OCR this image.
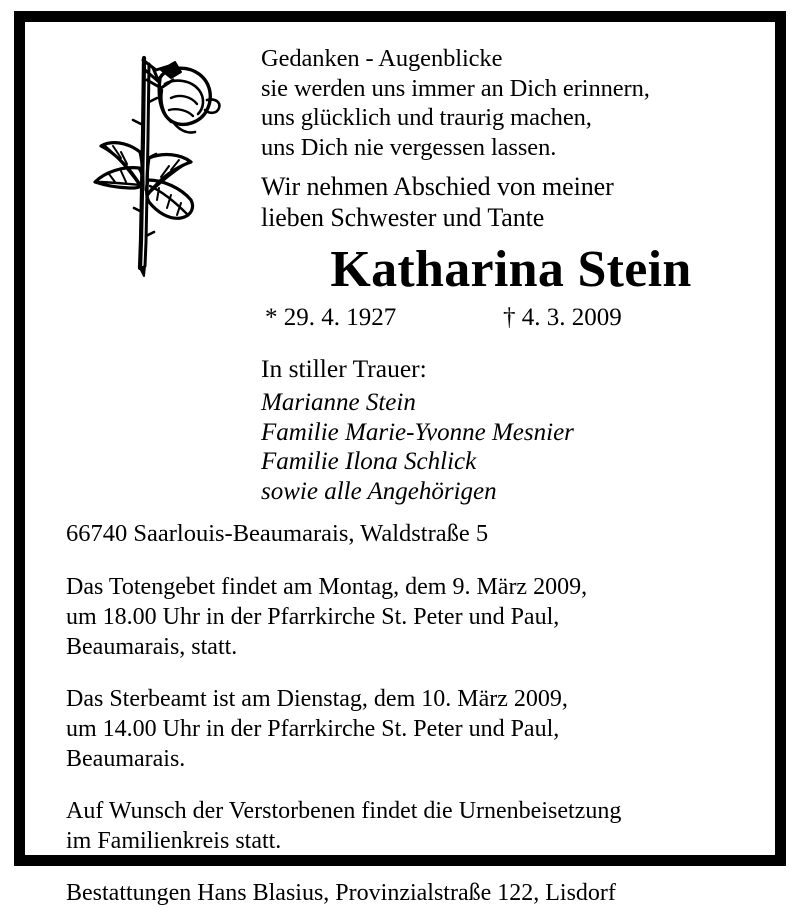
Gedanken - Augenblicke
sie werden uns immer an Dich erinnern,
uns glücklich und traurig machen,
uns Dich nie vergessen lassen.
Wir nehmen Abschied von meiner
lieben Schwester und Tante
Katharina Stein
* 29. 4. 1927	† 4. 3. 2009
In stiller Trauer:
Marianne Stein
Familie Marie-Yvonne Mesnier
Familie Ilona Schlick
sowie alle Angehörigen
66740 Saarlouis-Beaumarais, Waldstraße 5
Das Totengebet findet am Montag, dem 9. März 2009,
um 18.00 Uhr in der Pfarrkirche St. Peter und Paul,
Beaumarais, statt.
Das Sterbeamt ist am Dienstag, dem 10. März 2009,
um 14.00 Uhr in der Pfarrkirche St. Peter und Paul,
Beaumarais.
Auf Wunsch der Verstorbenen findet die Urnenbeisetzung
im Familienkreis statt.
Bestattungen Hans Blasius, Provinzialstraße 122, Lisdorf
